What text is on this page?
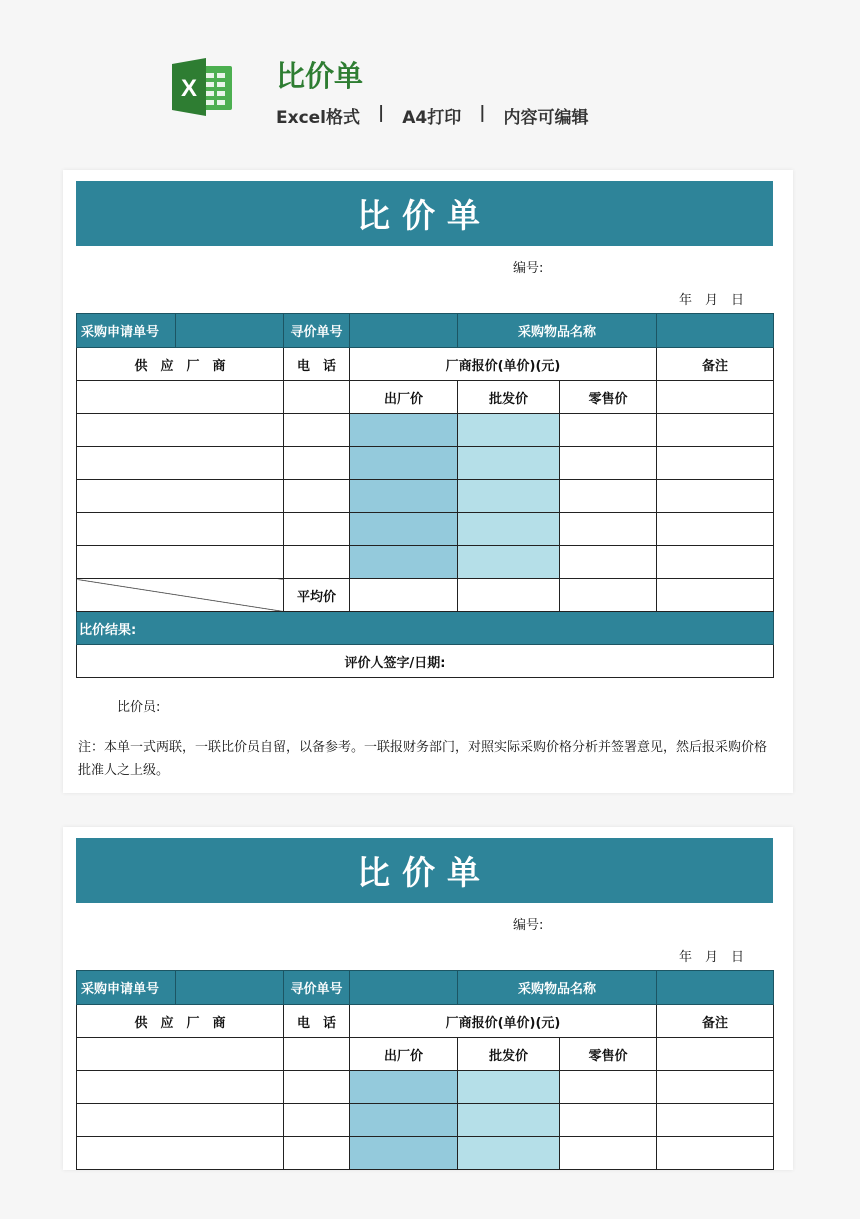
X	比价单
Excel格式 | A4打印 | 内容可编辑
比价单
编号:
年　月　日
采购申请单号	寻价单号		采购物品名称		
供　应　厂　商	电　话	厂商报价(单价)(元)			备注
		出厂价	批发价	零售价	

	平均价				
比价结果:					
评价人签字/日期:					
比价员:
注：本单一式两联，一联比价员自留，以备参考。一联报财务部门，对照实际采购价格分析并签署意见，然后报采购价格批准人之上级。
比价单
编号:
年　月　日
采购申请单号	寻价单号		采购物品名称		
供　应　厂　商	电　话	厂商报价(单价)(元)			备注
		出厂价	批发价	零售价	
